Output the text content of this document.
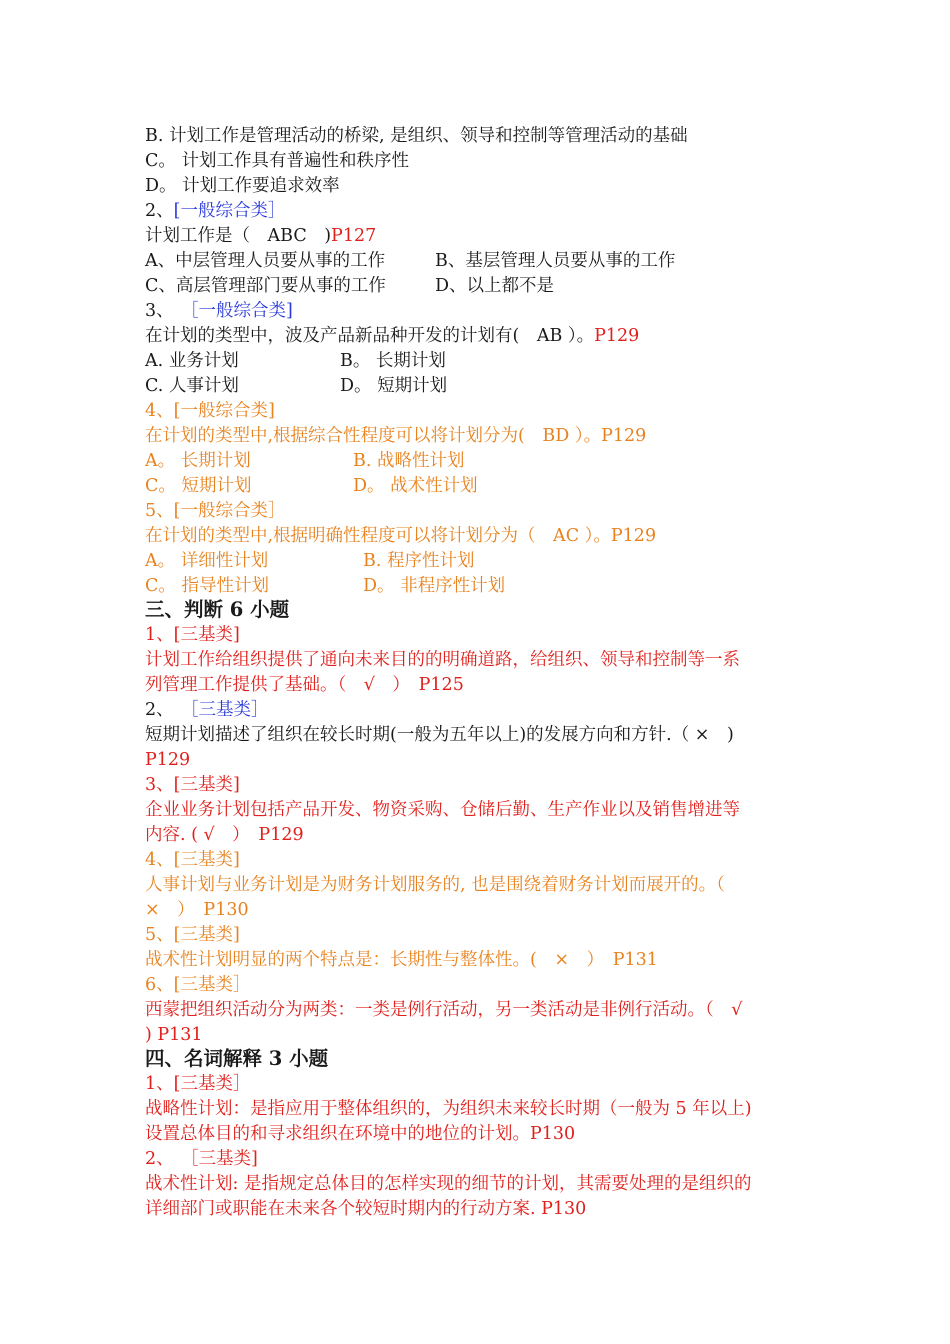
B. 计划工作是管理活动的桥梁, 是组织、领导和控制等管理活动的基础

C。 计划工作具有普遍性和秩序性

D。 计划工作要追求效率

2、[一般综合类］

计划工作是（　ABC　)P127

A、中层管理人员要从事的工作	B、基层管理人员要从事的工作

C、高层管理部门要从事的工作	D、以上都不是

3、 ［一般综合类]

在计划的类型中，波及产品新品种开发的计划有(　AB ）。P129

A. 业务计划	B。 长期计划

C. 人事计划	D。 短期计划

4、[一般综合类]

在计划的类型中,根据综合性程度可以将计划分为(　BD ）。P129

A。 长期计划	B. 战略性计划

C。 短期计划	D。 战术性计划

5、[一般综合类］

在计划的类型中,根据明确性程度可以将计划分为（　AC ）。P129

A。 详细性计划	B. 程序性计划

C。 指导性计划	D。 非程序性计划

三、判断 6 小题

1、[三基类]

计划工作给组织提供了通向未来目的的明确道路，给组织、领导和控制等一系

列管理工作提供了基础。（　√　）　P125

2、 ［三基类］

短期计划描述了组织在较长时期(一般为五年以上)的发展方向和方针.（ ×　)

P129

3、[三基类]

企业业务计划包括产品开发、物资采购、仓储后勤、生产作业以及销售增进等

内容. ( √　）　P129

4、[三基类]

人事计划与业务计划是为财务计划服务的, 也是围绕着财务计划而展开的。（

×　）　P130

5、[三基类]

战术性计划明显的两个特点是：长期性与整体性。(　×　）　P131

6、[三基类］

西蒙把组织活动分为两类：一类是例行活动，另一类活动是非例行活动。（　√

) P131

四、名词解释 3 小题

1、[三基类］

战略性计划：是指应用于整体组织的，为组织未来较长时期（一般为 5 年以上)

设置总体目的和寻求组织在环境中的地位的计划。P130

2、 ［三基类]

战术性计划: 是指规定总体目的怎样实现的细节的计划，其需要处理的是组织的

详细部门或职能在未来各个较短时期内的行动方案. P130
